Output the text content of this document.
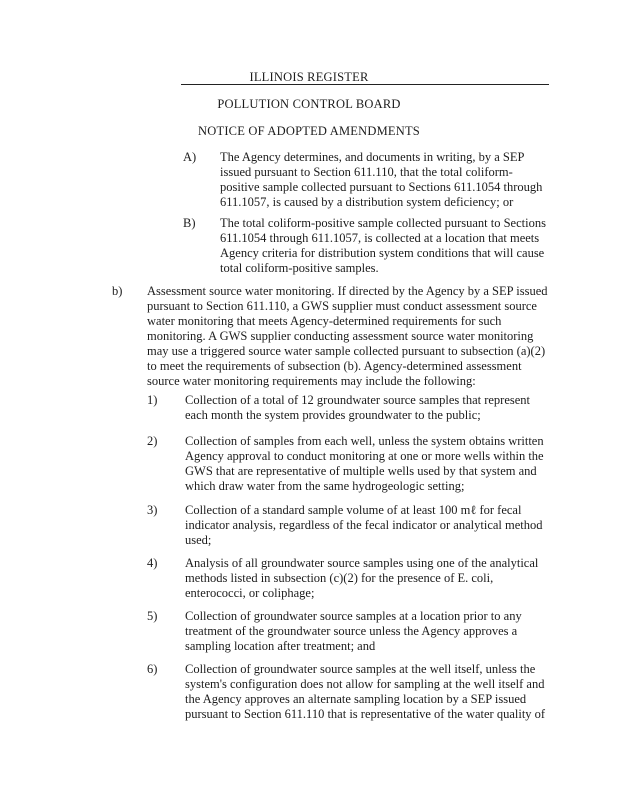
ILLINOIS REGISTER
POLLUTION CONTROL BOARD
NOTICE OF ADOPTED AMENDMENTS
A) The Agency determines, and documents in writing, by a SEP issued pursuant to Section 611.110, that the total coliform-positive sample collected pursuant to Sections 611.1054 through 611.1057, is caused by a distribution system deficiency; or
B) The total coliform-positive sample collected pursuant to Sections 611.1054 through 611.1057, is collected at a location that meets Agency criteria for distribution system conditions that will cause total coliform-positive samples.
b) Assessment source water monitoring. If directed by the Agency by a SEP issued pursuant to Section 611.110, a GWS supplier must conduct assessment source water monitoring that meets Agency-determined requirements for such monitoring. A GWS supplier conducting assessment source water monitoring may use a triggered source water sample collected pursuant to subsection (a)(2) to meet the requirements of subsection (b). Agency-determined assessment source water monitoring requirements may include the following:
1) Collection of a total of 12 groundwater source samples that represent each month the system provides groundwater to the public;
2) Collection of samples from each well, unless the system obtains written Agency approval to conduct monitoring at one or more wells within the GWS that are representative of multiple wells used by that system and which draw water from the same hydrogeologic setting;
3) Collection of a standard sample volume of at least 100 mℓ for fecal indicator analysis, regardless of the fecal indicator or analytical method used;
4) Analysis of all groundwater source samples using one of the analytical methods listed in subsection (c)(2) for the presence of E. coli, enterococci, or coliphage;
5) Collection of groundwater source samples at a location prior to any treatment of the groundwater source unless the Agency approves a sampling location after treatment; and
6) Collection of groundwater source samples at the well itself, unless the system's configuration does not allow for sampling at the well itself and the Agency approves an alternate sampling location by a SEP issued pursuant to Section 611.110 that is representative of the water quality of
